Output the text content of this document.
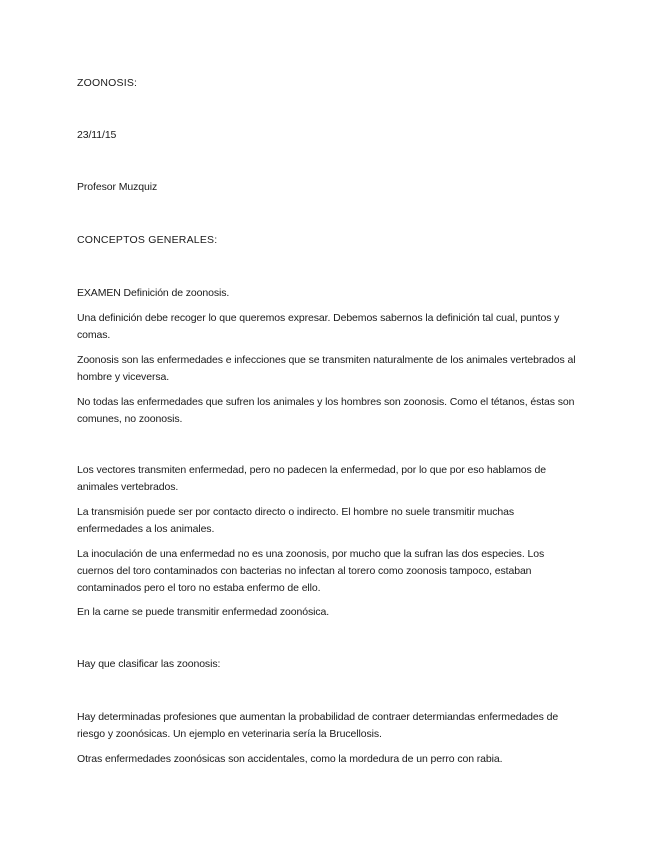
ZOONOSIS:
23/11/15
Profesor Muzquiz
CONCEPTOS GENERALES:
EXAMEN Definición de zoonosis.
Una definición debe recoger lo que queremos expresar. Debemos sabernos la definición tal cual, puntos y comas.
Zoonosis son las enfermedades e infecciones que se transmiten naturalmente de los animales vertebrados al hombre y viceversa.
No todas las enfermedades que sufren los animales y los hombres son zoonosis. Como el tétanos, éstas son comunes, no zoonosis.
Los vectores transmiten enfermedad, pero no padecen la enfermedad, por lo que por eso hablamos de animales vertebrados.
La transmisión puede ser por contacto directo o indirecto. El hombre no suele transmitir muchas enfermedades a los animales.
La inoculación de una enfermedad no es una zoonosis, por mucho que la sufran las dos especies. Los cuernos del toro contaminados con bacterias no infectan al torero como zoonosis tampoco, estaban contaminados pero el toro no estaba enfermo de ello.
En la carne se puede transmitir enfermedad zoonósica.
Hay que clasificar las zoonosis:
Hay determinadas profesiones que aumentan la probabilidad de contraer determiandas enfermedades de riesgo y zoonósicas. Un ejemplo en veterinaria sería la Brucellosis.
Otras enfermedades zoonósicas son accidentales, como la mordedura de un perro con rabia.
